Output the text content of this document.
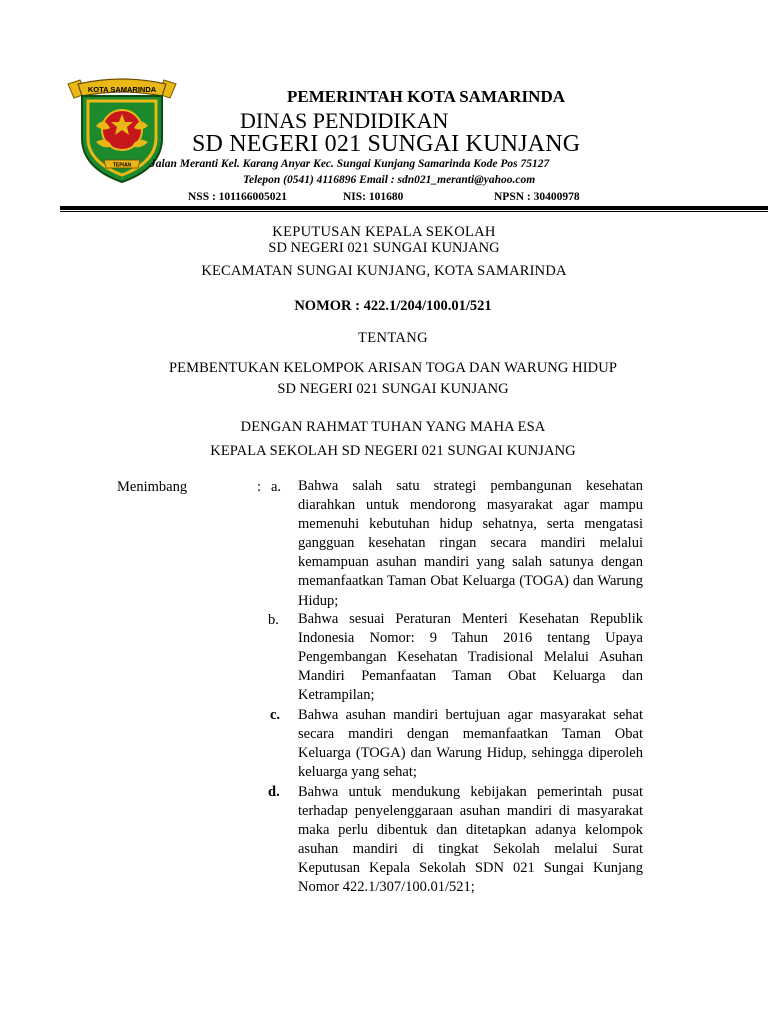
KOTA SAMARINDA
TEPIAN
PEMERINTAH KOTA SAMARINDA
DINAS PENDIDIKAN
SD NEGERI 021 SUNGAI KUNJANG
Jalan Meranti Kel. Karang Anyar Kec. Sungai Kunjang Samarinda Kode Pos 75127
Telepon (0541) 4116896 Email : sdn021_meranti@yahoo.com
NSS : 101166005021	NIS: 101680	NPSN : 30400978
KEPUTUSAN KEPALA SEKOLAH
SD NEGERI 021 SUNGAI KUNJANG
KECAMATAN SUNGAI KUNJANG, KOTA SAMARINDA
NOMOR : 422.1/204/100.01/521
TENTANG
PEMBENTUKAN KELOMPOK ARISAN TOGA DAN WARUNG HIDUP
SD NEGERI 021 SUNGAI KUNJANG
DENGAN RAHMAT TUHAN YANG MAHA ESA
KEPALA SEKOLAH SD NEGERI 021 SUNGAI KUNJANG
Menimbang	: a. Bahwa salah satu strategi pembangunan kesehatan diarahkan untuk mendorong masyarakat agar mampu memenuhi kebutuhan hidup sehatnya, serta mengatasi gangguan kesehatan ringan secara mandiri melalui kemampuan asuhan mandiri yang salah satunya dengan memanfaatkan Taman Obat Keluarga (TOGA) dan Warung Hidup;
b. Bahwa sesuai Peraturan Menteri Kesehatan Republik Indonesia Nomor: 9 Tahun 2016 tentang Upaya Pengembangan Kesehatan Tradisional Melalui Asuhan Mandiri Pemanfaatan Taman Obat Keluarga dan Ketrampilan;
c. Bahwa asuhan mandiri bertujuan agar masyarakat sehat secara mandiri dengan memanfaatkan Taman Obat Keluarga (TOGA) dan Warung Hidup, sehingga diperoleh keluarga yang sehat;
d. Bahwa untuk mendukung kebijakan pemerintah pusat terhadap penyelenggaraan asuhan mandiri di masyarakat maka perlu dibentuk dan ditetapkan adanya kelompok asuhan mandiri di tingkat Sekolah melalui Surat Keputusan Kepala Sekolah SDN 021 Sungai Kunjang Nomor 422.1/307/100.01/521;
